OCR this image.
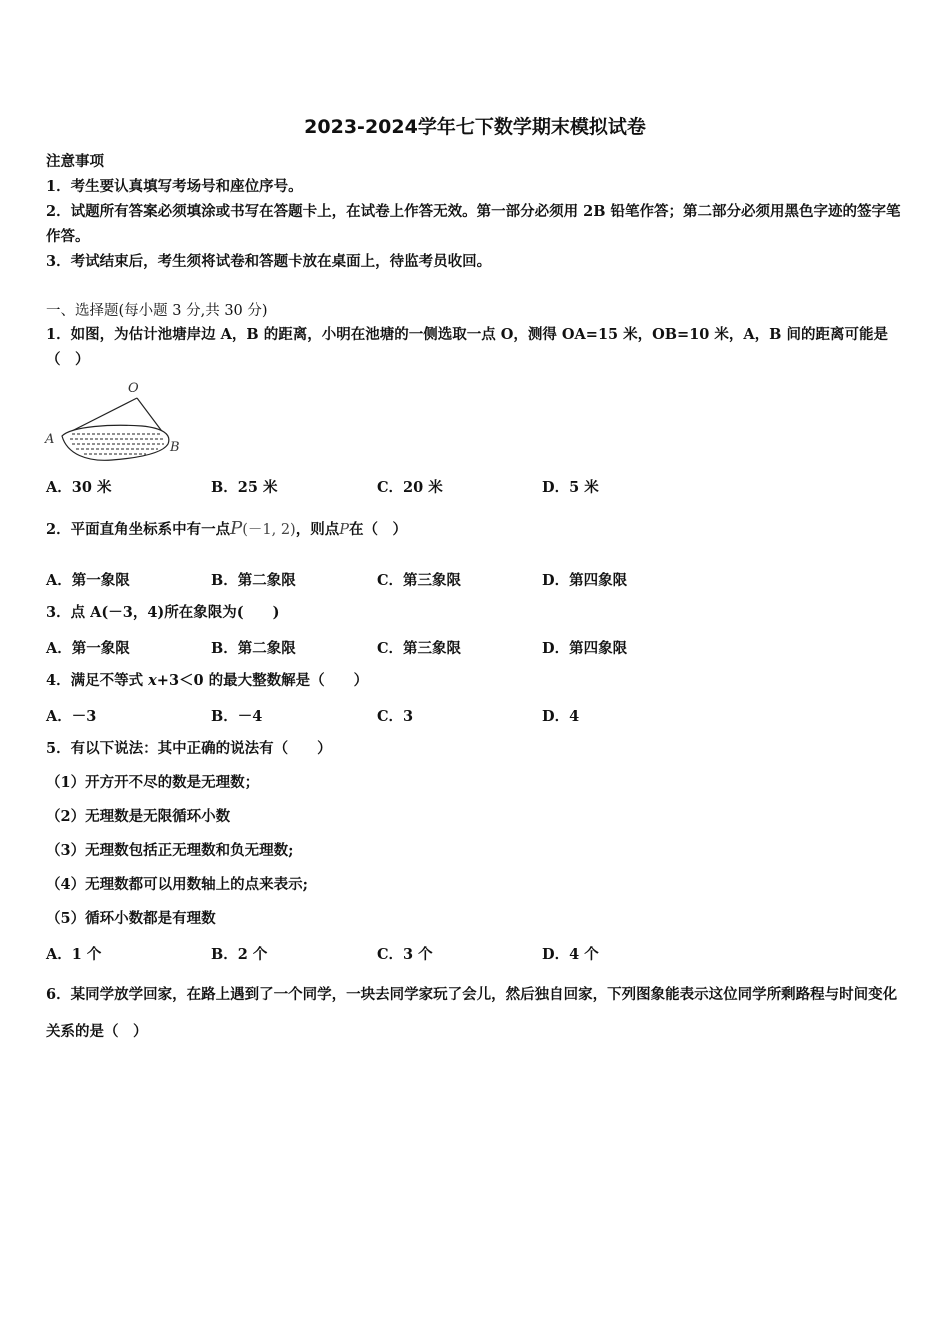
2023-2024学年七下数学期末模拟试卷
注意事项
1．考生要认真填写考场号和座位序号。
2．试题所有答案必须填涂或书写在答题卡上，在试卷上作答无效。第一部分必须用 2B 铅笔作答；第二部分必须用黑色字迹的签字笔作答。
3．考试结束后，考生须将试卷和答题卡放在桌面上，待监考员收回。
一、选择题(每小题 3 分,共 30 分)
1．如图，为估计池塘岸边 A，B 的距离，小明在池塘的一侧选取一点 O，测得 OA=15 米，OB=10 米，A，B 间的距离可能是（　）
O
A
B
A．30 米	B．25 米	C．20 米	D．5 米
2．平面直角坐标系中有一点P(－1, 2)，则点P在（　）
A．第一象限	B．第二象限	C．第三象限	D．第四象限
3．点 A(－3，4)所在象限为(　　)
A．第一象限	B．第二象限	C．第三象限	D．第四象限
4．满足不等式 x+3＜0 的最大整数解是（　　）
A．－3	B．－4	C．3	D．4
5．有以下说法：其中正确的说法有（　　）
（1）开方开不尽的数是无理数；
（2）无理数是无限循环小数
（3）无理数包括正无理数和负无理数;
（4）无理数都可以用数轴上的点来表示;
（5）循环小数都是有理数
A．1 个	B．2 个	C．3 个	D．4 个
6．某同学放学回家，在路上遇到了一个同学，一块去同学家玩了会儿，然后独自回家，下列图象能表示这位同学所剩路程与时间变化关系的是（　）
